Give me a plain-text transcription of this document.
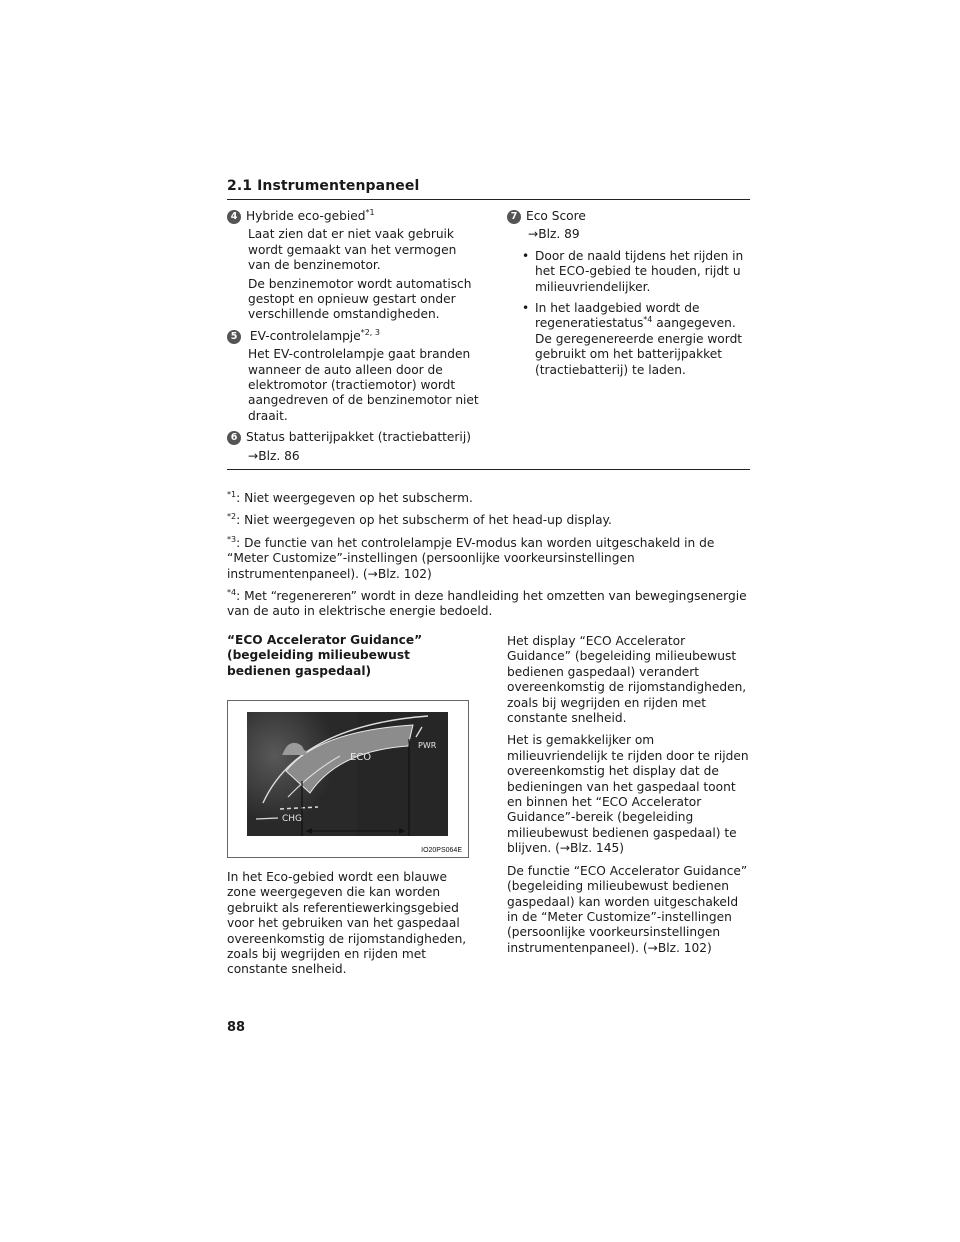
2.1 Instrumentenpaneel
4 Hybride eco-gebied$^{*1}$
Laat zien dat er niet vaak gebruik wordt gemaakt van het vermogen van de benzinemotor.
De benzinemotor wordt automatisch gestopt en opnieuw gestart onder verschillende omstandigheden.
5	EV-controlelampje$^{*2, 3}$
Het EV-controlelampje gaat branden wanneer de auto alleen door de elektromotor (tractiemotor) wordt aangedreven of de benzinemotor niet draait.
6 Status batterijpakket (tractiebatterij)
→Blz. 86
7 Eco Score
→Blz. 89
• Door de naald tijdens het rijden in het ECO-gebied te houden, rijdt u milieuvriendelijker.
• In het laadgebied wordt de regeneratiestatus$^{*4}$ aangegeven. De geregenereerde energie wordt gebruikt om het batterijpakket (tractiebatterij) te laden.
$^{*1}$: Niet weergegeven op het subscherm.
$^{*2}$: Niet weergegeven op het subscherm of het head-up display.
$^{*3}$: De functie van het controlelampje EV-modus kan worden uitgeschakeld in de “Meter Customize”-instellingen (persoonlijke voorkeursinstellingen instrumentenpaneel). (→Blz. 102)
$^{*4}$: Met “regenereren” wordt in deze handleiding het omzetten van bewegingsenergie van de auto in elektrische energie bedoeld.
“ECO Accelerator Guidance” (begeleiding milieubewust bedienen gaspedaal)
ECO
PWR
CHG
IO20PS064E
In het Eco-gebied wordt een blauwe zone weergegeven die kan worden gebruikt als referentiewerkingsgebied voor het gebruiken van het gaspedaal overeenkomstig de rijomstandigheden, zoals bij wegrijden en rijden met constante snelheid.
Het display “ECO Accelerator Guidance” (begeleiding milieubewust bedienen gaspedaal) verandert overeenkomstig de rijomstandigheden, zoals bij wegrijden en rijden met constante snelheid.
Het is gemakkelijker om milieuvriendelijk te rijden door te rijden overeenkomstig het display dat de bedieningen van het gaspedaal toont en binnen het “ECO Accelerator Guidance”-bereik (begeleiding milieubewust bedienen gaspedaal) te blijven. (→Blz. 145)
De functie “ECO Accelerator Guidance” (begeleiding milieubewust bedienen gaspedaal) kan worden uitgeschakeld in de “Meter Customize”-instellingen (persoonlijke voorkeursinstellingen instrumentenpaneel). (→Blz. 102)
88
